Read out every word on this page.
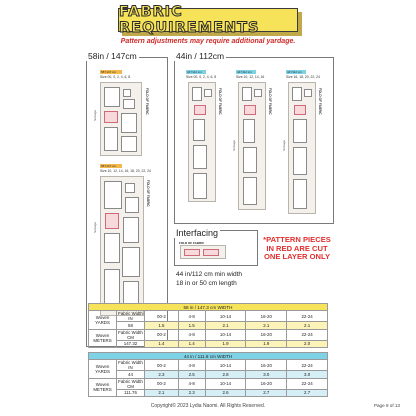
FABRIC REQUIREMENTS
Pattern adjustments may require additional yardage.
58in / 147cm
58"/147 cm
Size 00, 0, 2, 4, 6, 8
FOLD OF FABRIC
Selvage
58"/147 cm
Size 10, 12, 14, 16, 18, 20, 22, 24
FOLD OF FABRIC
Selvage
44in / 112cm
44"/112 cm
Size 00, 0, 2, 4, 6, 8
FOLD OF FABRIC
44"/112 cm
Size 10, 12, 14, 16
FOLD OF FABRIC
Selvage
44"/112 cm
Size 16, 18, 20, 22, 24
FOLD OF FABRIC
Selvage
Interfacing
FOLD OF FABRIC
44 in/112 cm min width
18 in or 50 cm length
*PATTERN PIECES IN RED ARE CUT ONE LAYER ONLY
58 in / 147.3 cm WIDTH						
Woven YARDS	Fabric Width IN	00-2	4-8	10-14	16-20	22-24

	58	1.5	1.5	2.1	2.1	2.1
Woven METERS	Fabric Width CM	00-2	4-8	10-14	16-20	22-24
	147.32	1.4	1.4	1.9	1.9	2.0
44 in / 111.8 cm WIDTH						
Woven YARDS	Fabric Width IN	00-2	4-8	10-14	16-20	22-24
	44	2.3	2.5	2.8	3.0	3.0
Woven METERS	Fabric Width CM	00-2	4-8	10-14	16-20	22-24
	111.76	2.1	2.3	2.6	2.7	2.7
Copyright© 2023 Lydia Naomi. All Rights Reserved.	Page 8 of 13
